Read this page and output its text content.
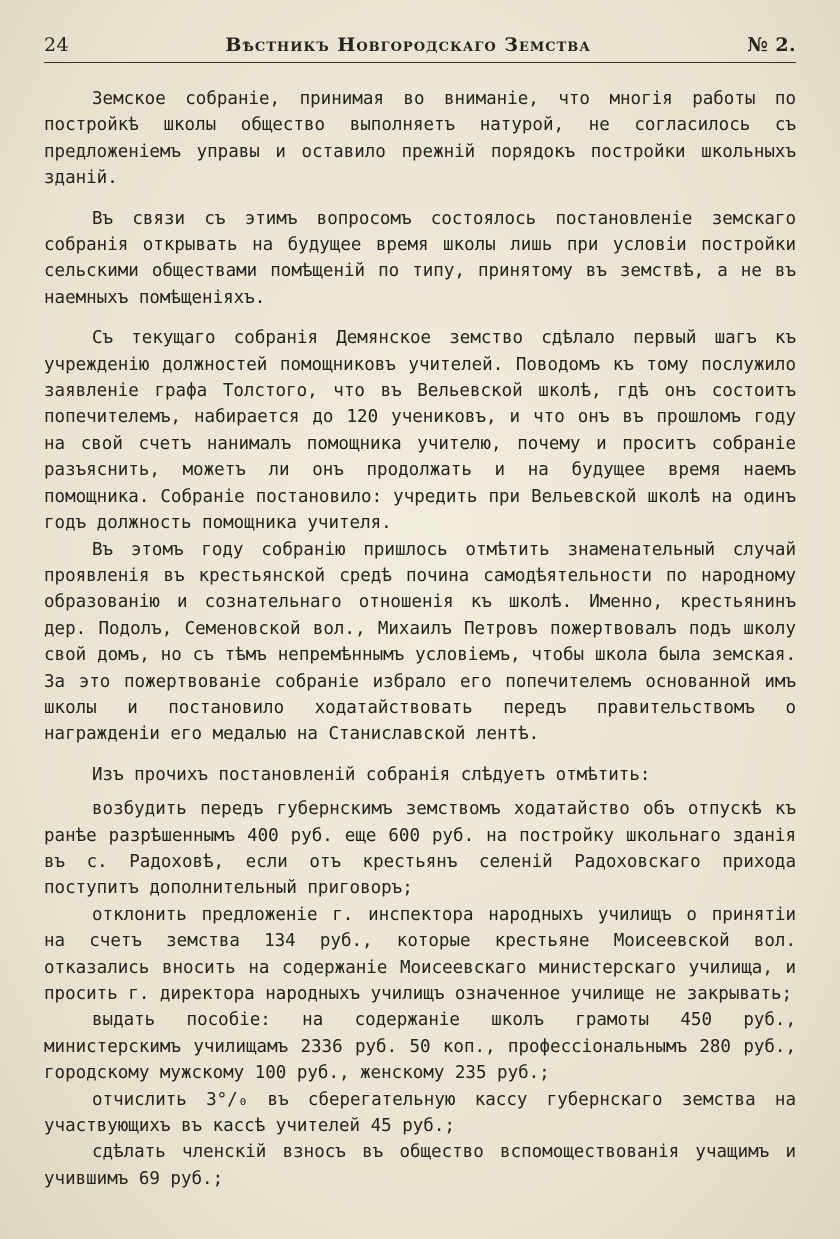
24	Вѣстникъ Новгородскаго Земства	№ 2.

Земское собраніе, принимая во вниманіе, что многія работы по постройкѣ школы общество выполняетъ натурой, не согласилось съ предложеніемъ управы и оставило прежній порядокъ постройки школьныхъ зданій.

Въ связи съ этимъ вопросомъ состоялось постановленіе земскаго собранія открывать на будущее время школы лишь при условіи постройки сельскими обществами помѣщеній по типу, принятому въ земствѣ, а не въ наемныхъ помѣщеніяхъ.

Съ текущаго собранія Демянское земство сдѣлало первый шагъ къ учрежденію должностей помощниковъ учителей. Поводомъ къ тому послужило заявленіе графа Толстого, что въ Вельевской школѣ, гдѣ онъ состоитъ попечителемъ, набирается до 120 учениковъ, и что онъ въ прошломъ году на свой счетъ нанималъ помощника учителю, почему и проситъ собраніе разъяснить, можетъ ли онъ продолжать и на будущее время наемъ помощника. Собраніе постановило: учредить при Вельевской школѣ на одинъ годъ должность помощника учителя.

Въ этомъ году собранію пришлось отмѣтить знаменательный случай проявленія въ крестьянской средѣ почина самодѣятельности по народному образованію и сознательнаго отношенія къ школѣ. Именно, крестьянинъ дер. Подолъ, Семеновской вол., Михаилъ Петровъ пожертвовалъ подъ школу свой домъ, но съ тѣмъ непремѣннымъ условіемъ, чтобы школа была земская. За это пожертвованіе собраніе избрало его попечителемъ основанной имъ школы и постановило ходатайствовать передъ правительствомъ о награжденіи его медалью на Станиславской лентѣ.

Изъ прочихъ постановленій собранія слѣдуетъ отмѣтить:

возбудить передъ губернскимъ земствомъ ходатайство объ отпускѣ къ ранѣе разрѣшеннымъ 400 руб. еще 600 руб. на постройку школьнаго зданія въ с. Радоховѣ, если отъ крестьянъ селеній Радоховскаго прихода поступитъ дополнительный приговоръ;

отклонить предложеніе г. инспектора народныхъ училищъ о принятіи на счетъ земства 134 руб., которые крестьяне Моисеевской вол. отказались вносить на содержаніе Моисеевскаго министерскаго училища, и просить г. директора народныхъ училищъ означенное училище не закрывать;

выдать пособіе: на содержаніе школъ грамоты 450 руб., министерскимъ училищамъ 2336 руб. 50 коп., профессіональнымъ 280 руб., городскому мужскому 100 руб., женскому 235 руб.;

отчислить 3°/₀ въ сберегательную кассу губернскаго земства на участвующихъ въ кассѣ учителей 45 руб.;

сдѣлать членскій взносъ въ общество вспомоществованія учащимъ и учившимъ 69 руб.;
